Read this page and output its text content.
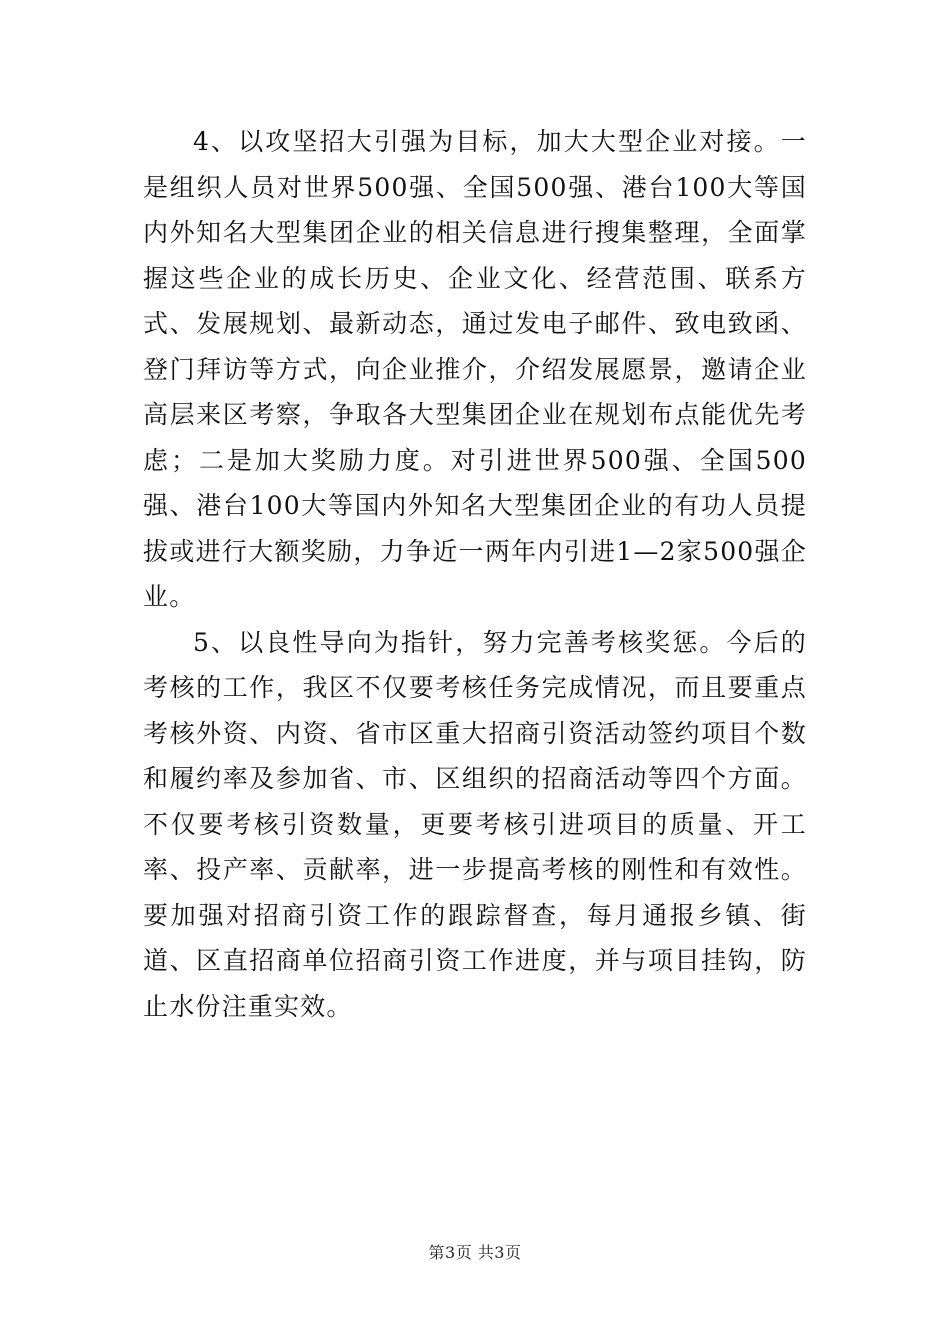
4、以攻坚招大引强为目标，加大大型企业对接。一是组织人员对世界500强、全国500强、港台100大等国内外知名大型集团企业的相关信息进行搜集整理，全面掌握这些企业的成长历史、企业文化、经营范围、联系方式、发展规划、最新动态，通过发电子邮件、致电致函、登门拜访等方式，向企业推介，介绍发展愿景，邀请企业高层来区考察，争取各大型集团企业在规划布点能优先考虑；二是加大奖励力度。对引进世界500强、全国500强、港台100大等国内外知名大型集团企业的有功人员提拔或进行大额奖励，力争近一两年内引进1—2家500强企业。

5、以良性导向为指针，努力完善考核奖惩。今后的考核的工作，我区不仅要考核任务完成情况，而且要重点考核外资、内资、省市区重大招商引资活动签约项目个数和履约率及参加省、市、区组织的招商活动等四个方面。不仅要考核引资数量，更要考核引进项目的质量、开工率、投产率、贡献率，进一步提高考核的刚性和有效性。要加强对招商引资工作的跟踪督查，每月通报乡镇、街道、区直招商单位招商引资工作进度，并与项目挂钩，防止水份注重实效。

第3页 共3页
